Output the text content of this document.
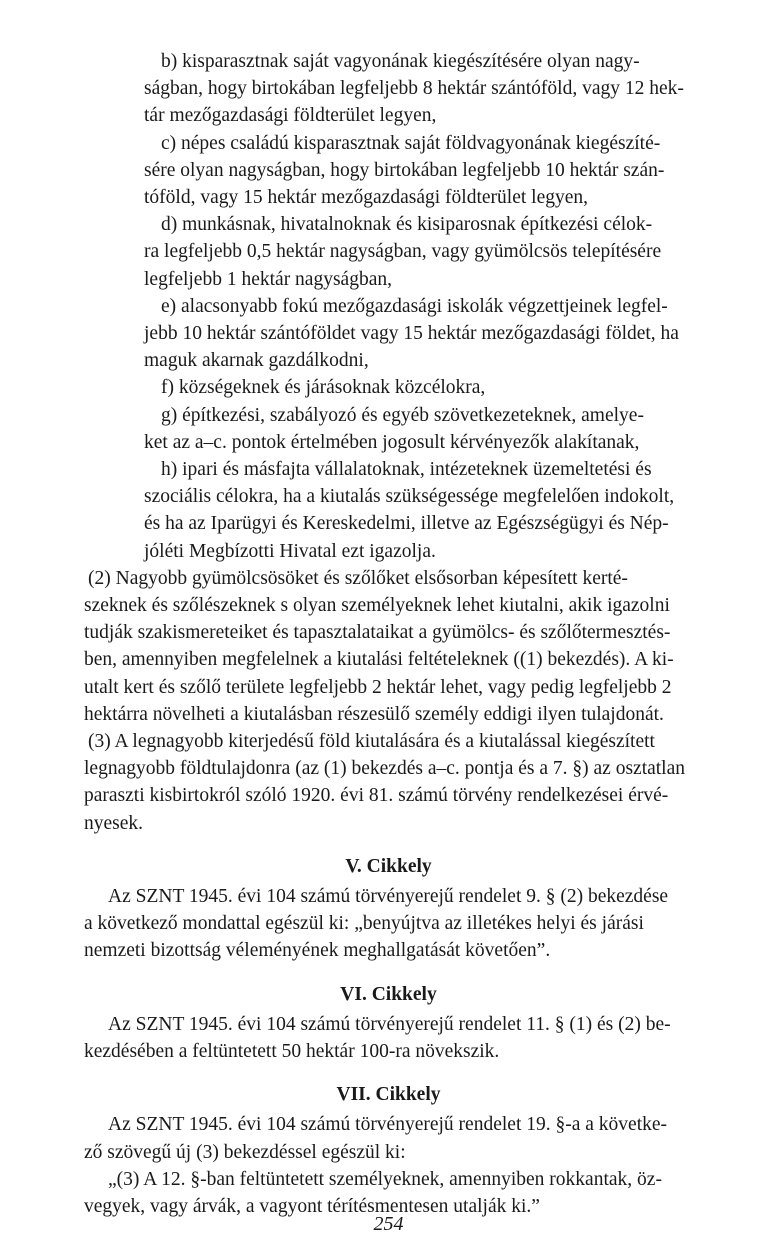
b) kisparasztnak saját vagyonának kiegészítésére olyan nagy-
ságban, hogy birtokában legfeljebb 8 hektár szántóföld, vagy 12 hek-
tár mezőgazdasági földterület legyen,
c) népes családú kisparasztnak saját földvagyonának kiegészíté-
sére olyan nagyságban, hogy birtokában legfeljebb 10 hektár szán-
tóföld, vagy 15 hektár mezőgazdasági földterület legyen,
d) munkásnak, hivatalnoknak és kisiparosnak építkezési célok-
ra legfeljebb 0,5 hektár nagyságban, vagy gyümölcsös telepítésére
legfeljebb 1 hektár nagyságban,
e) alacsonyabb fokú mezőgazdasági iskolák végzettjeinek legfel-
jebb 10 hektár szántóföldet vagy 15 hektár mezőgazdasági földet, ha
maguk akarnak gazdálkodni,
f) községeknek és járásoknak közcélokra,
g) építkezési, szabályozó és egyéb szövetkezeteknek, amelye-
ket az a–c. pontok értelmében jogosult kérvényezők alakítanak,
h) ipari és másfajta vállalatoknak, intézeteknek üzemeltetési és
szociális célokra, ha a kiutalás szükségessége megfelelően indokolt,
és ha az Iparügyi és Kereskedelmi, illetve az Egészségügyi és Nép-
jóléti Megbízotti Hivatal ezt igazolja.
(2) Nagyobb gyümölcsösöket és szőlőket elsősorban képesített kerté-
szeknek és szőlészeknek s olyan személyeknek lehet kiutalni, akik igazolni
tudják szakismereteiket és tapasztalataikat a gyümölcs- és szőlőtermesztés-
ben, amennyiben megfelelnek a kiutalási feltételeknek ((1) bekezdés). A ki-
utalt kert és szőlő területe legfeljebb 2 hektár lehet, vagy pedig legfeljebb 2
hektárra növelheti a kiutalásban részesülő személy eddigi ilyen tulajdonát.
(3) A legnagyobb kiterjedésű föld kiutalására és a kiutalással kiegészített
legnagyobb földtulajdonra (az (1) bekezdés a–c. pontja és a 7. §) az osztatlan
paraszti kisbirtokról szóló 1920. évi 81. számú törvény rendelkezései érvé-
nyesek.
V. Cikkely
Az SZNT 1945. évi 104 számú törvényerejű rendelet 9. § (2) bekezdése
a következő mondattal egészül ki: „benyújtva az illetékes helyi és járási
nemzeti bizottság véleményének meghallgatását követően”.
VI. Cikkely
Az SZNT 1945. évi 104 számú törvényerejű rendelet 11. § (1) és (2) be-
kezdésében a feltüntetett 50 hektár 100-ra növekszik.
VII. Cikkely
Az SZNT 1945. évi 104 számú törvényerejű rendelet 19. §-a a követke-
ző szövegű új (3) bekezdéssel egészül ki:
„(3) A 12. §-ban feltüntetett személyeknek, amennyiben rokkantak, öz-
vegyek, vagy árvák, a vagyont térítésmentesen utalják ki.”
254
